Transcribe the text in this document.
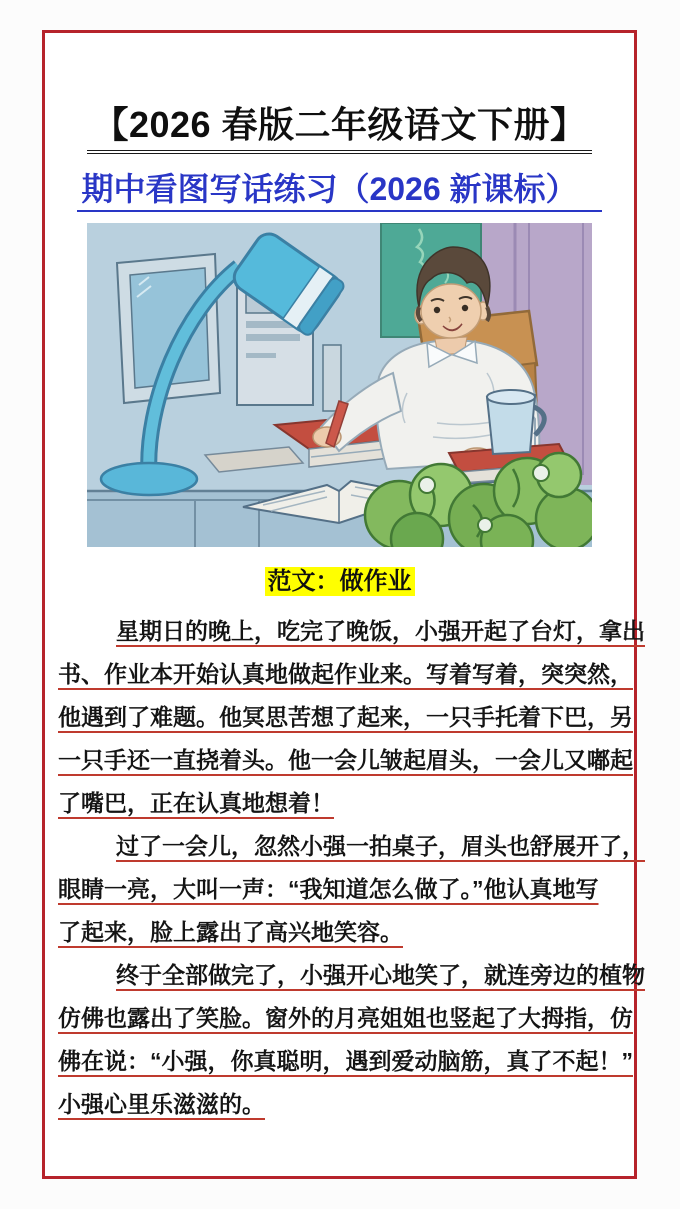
【2026 春版二年级语文下册】
期中看图写话练习（2026 新课标）
范文：做作业
星期日的晚上，吃完了晚饭，小强开起了台灯，拿出
书、作业本开始认真地做起作业来。写着写着，突突然，
他遇到了难题。他冥思苦想了起来，一只手托着下巴，另
一只手还一直挠着头。他一会儿皱起眉头，一会儿又嘟起
了嘴巴，正在认真地想着！
过了一会儿，忽然小强一拍桌子，眉头也舒展开了，
眼睛一亮，大叫一声：“我知道怎么做了。”他认真地写
了起来，脸上露出了高兴地笑容。
终于全部做完了，小强开心地笑了，就连旁边的植物
仿佛也露出了笑脸。窗外的月亮姐姐也竖起了大拇指，仿
佛在说：“小强，你真聪明，遇到爱动脑筋，真了不起！”
小强心里乐滋滋的。
